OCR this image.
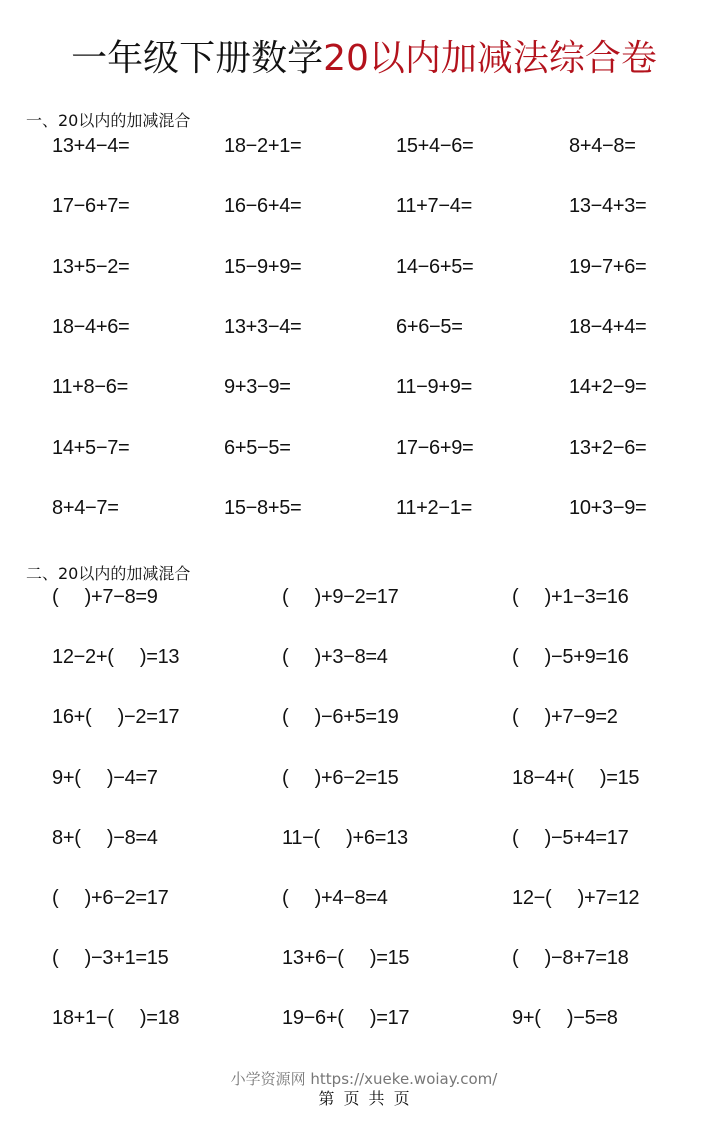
一年级下册数学20以内加减法综合卷
一、20以内的加减混合
13+4−4=	18−2+1=	15+4−6=	8+4−8=
17−6+7=	16−6+4=	11+7−4=	13−4+3=
13+5−2=	15−9+9=	14−6+5=	19−7+6=
18−4+6=	13+3−4=	6+6−5=	18−4+4=
11+8−6=	9+3−9=	11−9+9=	14+2−9=
14+5−7=	6+5−5=	17−6+9=	13+2−6=
8+4−7=	15−8+5=	11+2−1=	10+3−9=
二、20以内的加减混合
(     )+7−8=9	(     )+9−2=17	(     )+1−3=16
12−2+(     )=13	(     )+3−8=4	(     )−5+9=16
16+(     )−2=17	(     )−6+5=19	(     )+7−9=2
9+(     )−4=7	(     )+6−2=15	18−4+(     )=15
8+(     )−8=4	11−(     )+6=13	(     )−5+4=17
(     )+6−2=17	(     )+4−8=4	12−(     )+7=12
(     )−3+1=15	13+6−(     )=15	(     )−8+7=18
18+1−(     )=18	19−6+(     )=17	9+(     )−5=8
小学资源网 https://xueke.woiay.com/
第 页 共 页
